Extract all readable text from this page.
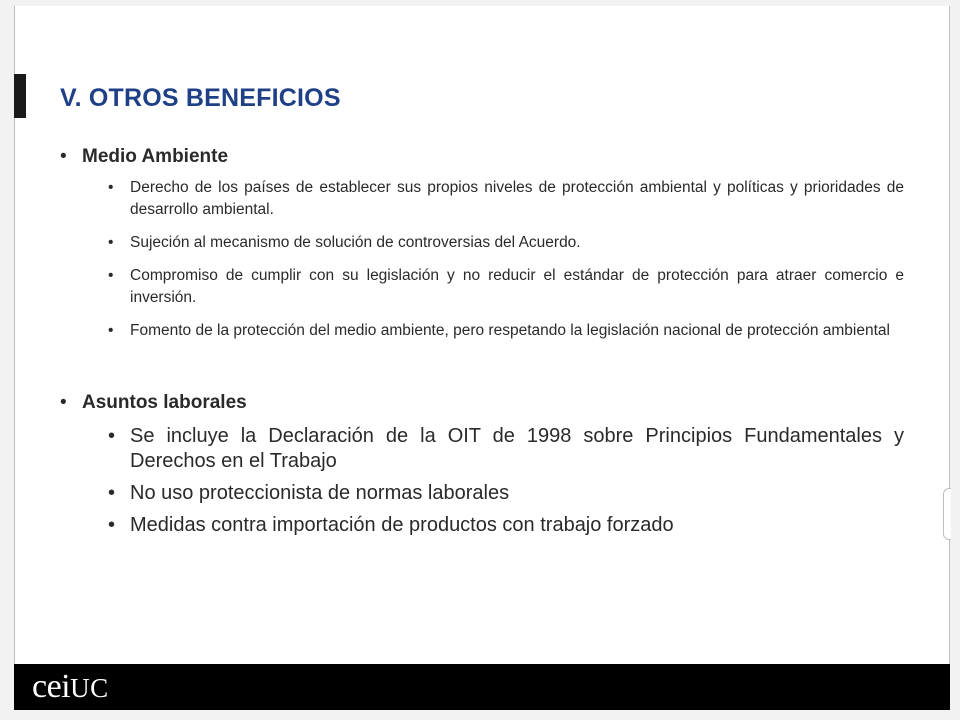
V. OTROS BENEFICIOS
• Medio Ambiente
• Derecho de los países de establecer sus propios niveles de protección ambiental y políticas y prioridades de desarrollo ambiental.
• Sujeción al mecanismo de solución de controversias del Acuerdo.
• Compromiso de cumplir con su legislación y no reducir el estándar de protección para atraer comercio e inversión.
• Fomento de la protección del medio ambiente, pero respetando la legislación nacional de protección ambiental
• Asuntos laborales
• Se incluye la Declaración de la OIT de 1998 sobre Principios Fundamentales y Derechos en el Trabajo
• No uso proteccionista de normas laborales
• Medidas contra importación de productos con trabajo forzado
ceiUC
